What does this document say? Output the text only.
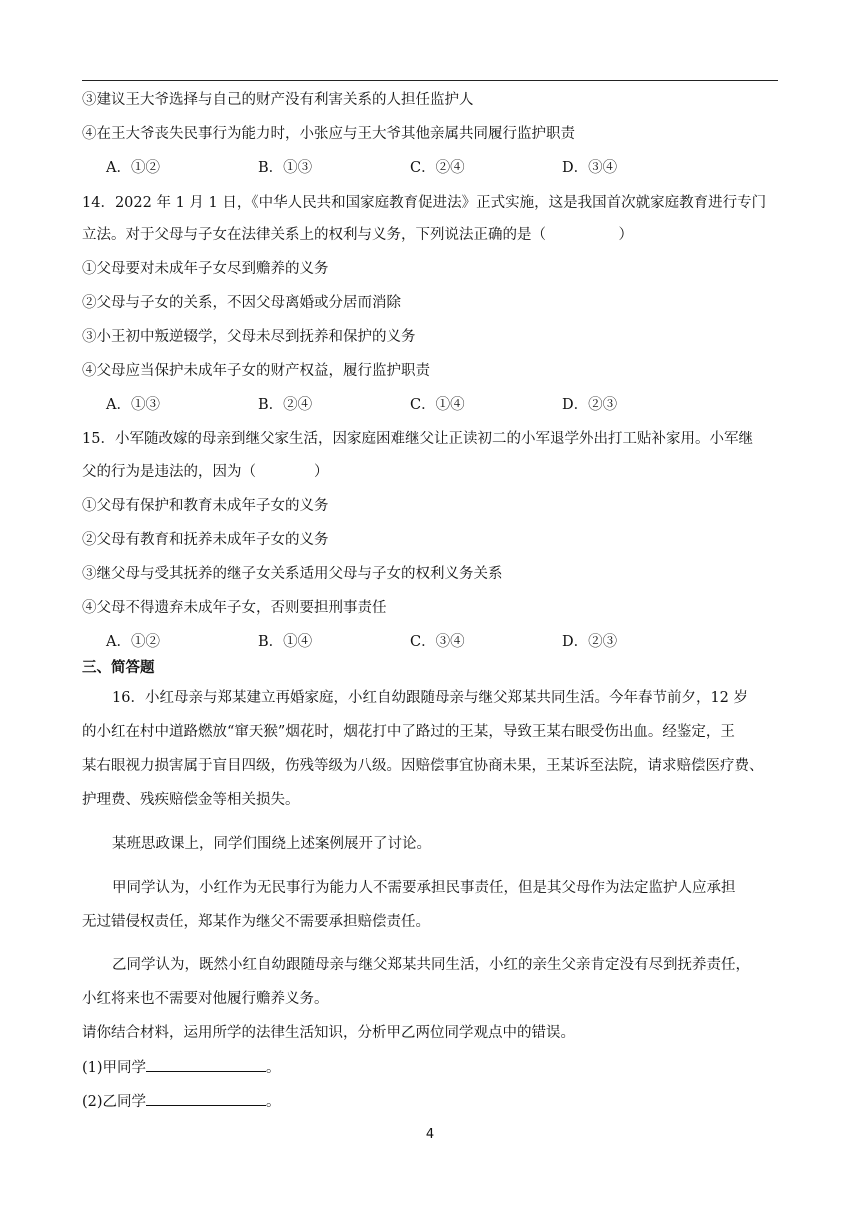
③建议王大爷选择与自己的财产没有利害关系的人担任监护人
④在王大爷丧失民事行为能力时，小张应与王大爷其他亲属共同履行监护职责
A．①②	B．①③	C．②④	D．③④
14．2022 年 1 月 1 日，《中华人民共和国家庭教育促进法》正式实施，这是我国首次就家庭教育进行专门
立法。对于父母与子女在法律关系上的权利与义务，下列说法正确的是（　　　　　）
①父母要对未成年子女尽到赡养的义务
②父母与子女的关系，不因父母离婚或分居而消除
③小王初中叛逆辍学，父母未尽到抚养和保护的义务
④父母应当保护未成年子女的财产权益，履行监护职责
A．①③	B．②④	C．①④	D．②③
15．小军随改嫁的母亲到继父家生活，因家庭困难继父让正读初二的小军退学外出打工贴补家用。小军继
父的行为是违法的，因为（　　　　）
①父母有保护和教育未成年子女的义务
②父母有教育和抚养未成年子女的义务
③继父母与受其抚养的继子女关系适用父母与子女的权利义务关系
④父母不得遗弃未成年子女，否则要担刑事责任
A．①②	B．①④	C．③④	D．②③
三、简答题
16．小红母亲与郑某建立再婚家庭，小红自幼跟随母亲与继父郑某共同生活。今年春节前夕，12 岁
的小红在村中道路燃放“窜天猴”烟花时，烟花打中了路过的王某，导致王某右眼受伤出血。经鉴定，王
某右眼视力损害属于盲目四级，伤残等级为八级。因赔偿事宜协商未果，王某诉至法院，请求赔偿医疗费、
护理费、残疾赔偿金等相关损失。
某班思政课上，同学们围绕上述案例展开了讨论。
甲同学认为，小红作为无民事行为能力人不需要承担民事责任，但是其父母作为法定监护人应承担
无过错侵权责任，郑某作为继父不需要承担赔偿责任。
乙同学认为，既然小红自幼跟随母亲与继父郑某共同生活，小红的亲生父亲肯定没有尽到抚养责任，
小红将来也不需要对他履行赡养义务。
请你结合材料，运用所学的法律生活知识，分析甲乙两位同学观点中的错误。
(1)甲同学	。
(2)乙同学	。
4
